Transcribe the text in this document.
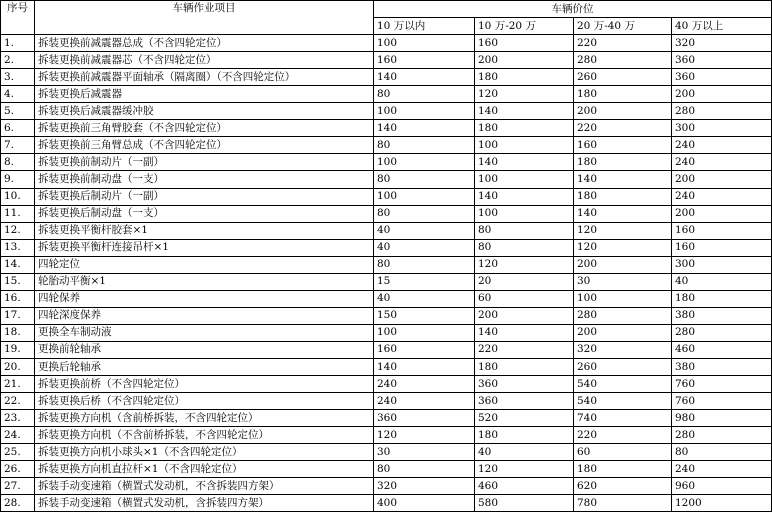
序号	车辆作业项目	车辆价位			
		10 万以内	10 万-20 万	20 万-40 万	40 万以上
1.	拆装更换前减震器总成（不含四轮定位）	100	160	220	320
2.	拆装更换前减震器芯（不含四轮定位）	160	200	280	360
3.	拆装更换前减震器平面轴承（隔离圈）（不含四轮定位）	140	180	260	360
4.	拆装更换后减震器	80	120	180	200
5.	拆装更换后减震器缓冲胶	100	140	200	280
6.	拆装更换前三角臂胶套（不含四轮定位）	140	180	220	300
7.	拆装更换前三角臂总成（不含四轮定位）	80	100	160	240
8.	拆装更换前制动片（一副）	100	140	180	240
9.	拆装更换前制动盘（一支）	80	100	140	200
10.	拆装更换后制动片（一副）	100	140	180	240
11.	拆装更换后制动盘（一支）	80	100	140	200
12.	拆装更换平衡杆胶套×1	40	80	120	160
13.	拆装更换平衡杆连接吊杆×1	40	80	120	160
14.	四轮定位	80	120	200	300
15.	轮胎动平衡×1	15	20	30	40
16.	四轮保养	40	60	100	180
17.	四轮深度保养	150	200	280	380
18.	更换全车制动液	100	140	200	280
19.	更换前轮轴承	160	220	320	460
20.	更换后轮轴承	140	180	260	380
21.	拆装更换前桥（不含四轮定位）	240	360	540	760
22.	拆装更换后桥（不含四轮定位）	240	360	540	760
23.	拆装更换方向机（含前桥拆装，不含四轮定位）	360	520	740	980
24.	拆装更换方向机（不含前桥拆装，不含四轮定位）	120	180	220	280
25.	拆装更换方向机小球头×1（不含四轮定位）	30	40	60	80
26.	拆装更换方向机直拉杆×1（不含四轮定位）	80	120	180	240
27.	拆装手动变速箱（横置式发动机，不含拆装四方架）	320	460	620	960
28.	拆装手动变速箱（横置式发动机，含拆装四方架）	400	580	780	1200
